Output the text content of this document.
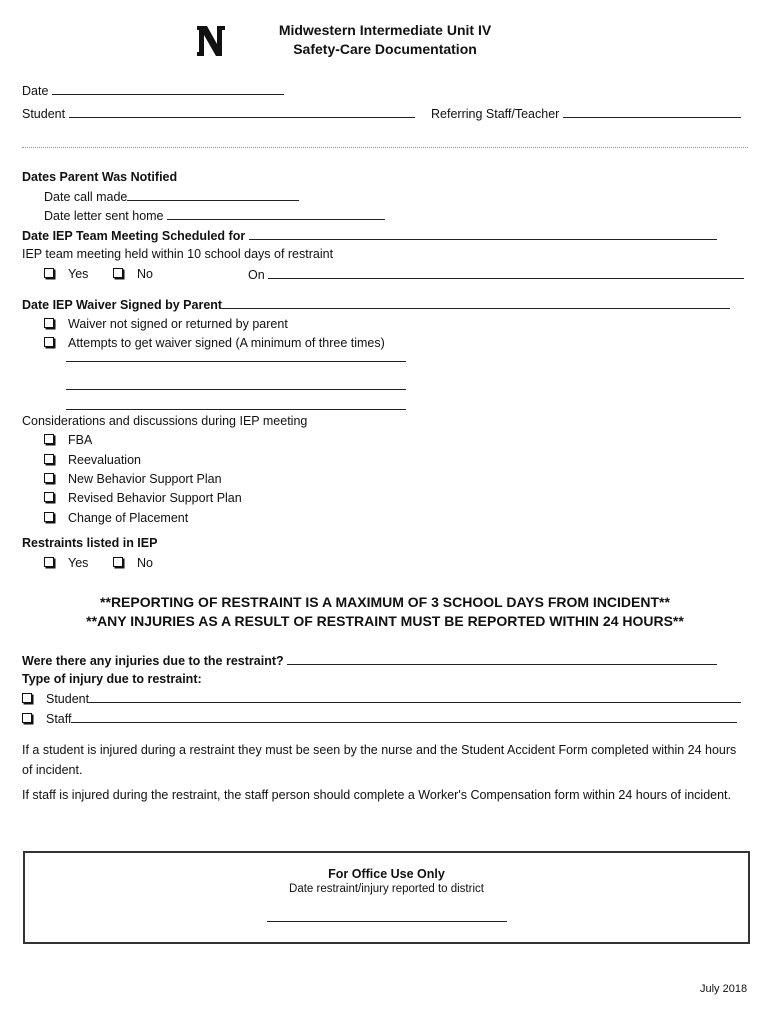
Midwestern Intermediate Unit IV
Safety-Care Documentation
Date
Student	Referring Staff/Teacher
Dates Parent Was Notified
Date call made
Date letter sent home
Date IEP Team Meeting Scheduled for
IEP team meeting held within 10 school days of restraint
Yes	No	On
Date IEP Waiver Signed by Parent
Waiver not signed or returned by parent
Attempts to get waiver signed (A minimum of three times)
Considerations and discussions during IEP meeting
FBA
Reevaluation
New Behavior Support Plan
Revised Behavior Support Plan
Change of Placement
Restraints listed in IEP
Yes	No
**REPORTING OF RESTRAINT IS A MAXIMUM OF 3 SCHOOL DAYS FROM INCIDENT**
**ANY INJURIES AS A RESULT OF RESTRAINT MUST BE REPORTED WITHIN 24 HOURS**
Were there any injuries due to the restraint?
Type of injury due to restraint:
Student
Staff
If a student is injured during a restraint they must be seen by the nurse and the Student Accident Form completed within 24 hours of incident.
If staff is injured during the restraint, the staff person should complete a Worker's Compensation form within 24 hours of incident.
For Office Use Only
Date restraint/injury reported to district
July 2018
